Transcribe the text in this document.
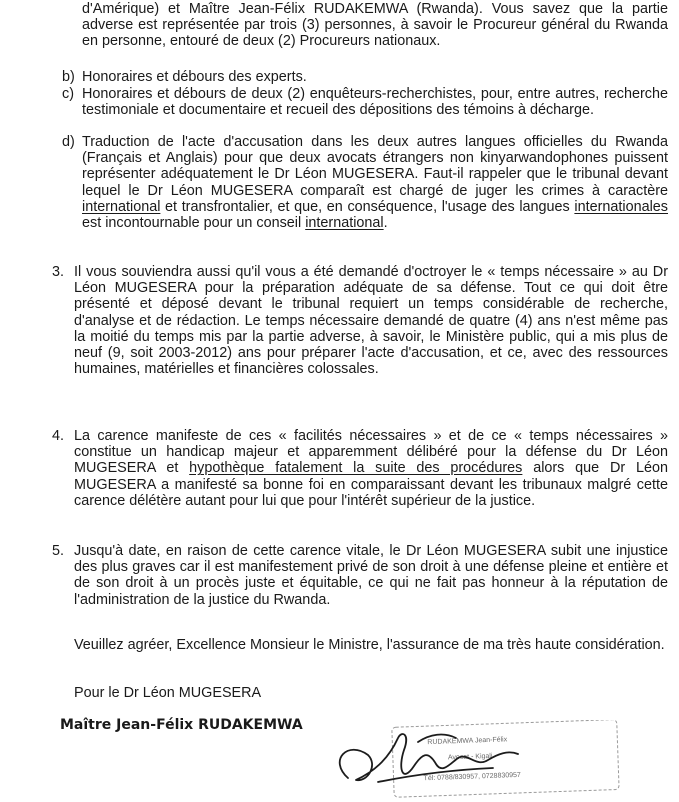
d'Amérique) et Maître Jean-Félix RUDAKEMWA (Rwanda). Vous savez que la partie adverse est représentée par trois (3) personnes, à savoir le Procureur général du Rwanda en personne, entouré de deux (2) Procureurs nationaux.
b) Honoraires et débours des experts.
c) Honoraires et débours de deux (2) enquêteurs-recherchistes, pour, entre autres, recherche testimoniale et documentaire et recueil des dépositions des témoins à décharge.
d) Traduction de l'acte d'accusation dans les deux autres langues officielles du Rwanda (Français et Anglais) pour que deux avocats étrangers non kinyarwandophones puissent représenter adéquatement le Dr Léon MUGESERA. Faut-il rappeler que le tribunal devant lequel le Dr Léon MUGESERA comparaît est chargé de juger les crimes à caractère international et transfrontalier, et que, en conséquence, l'usage des langues internationales est incontournable pour un conseil international.
3. Il vous souviendra aussi qu'il vous a été demandé d'octroyer le « temps nécessaire » au Dr Léon MUGESERA pour la préparation adéquate de sa défense. Tout ce qui doit être présenté et déposé devant le tribunal requiert un temps considérable de recherche, d'analyse et de rédaction. Le temps nécessaire demandé de quatre (4) ans n'est même pas la moitié du temps mis par la partie adverse, à savoir, le Ministère public, qui a mis plus de neuf (9, soit 2003-2012) ans pour préparer l'acte d'accusation, et ce, avec des ressources humaines, matérielles et financières colossales.
4. La carence manifeste de ces « facilités nécessaires » et de ce « temps nécessaires » constitue un handicap majeur et apparemment délibéré pour la défense du Dr Léon MUGESERA et hypothèque fatalement la suite des procédures alors que Dr Léon MUGESERA a manifesté sa bonne foi en comparaissant devant les tribunaux malgré cette carence délétère autant pour lui que pour l'intérêt supérieur de la justice.
5. Jusqu'à date, en raison de cette carence vitale, le Dr Léon MUGESERA subit une injustice des plus graves car il est manifestement privé de son droit à une défense pleine et entière et de son droit à un procès juste et équitable, ce qui ne fait pas honneur à la réputation de l'administration de la justice du Rwanda.
Veuillez agréer, Excellence Monsieur le Ministre, l'assurance de ma très haute considération.
Pour le Dr Léon MUGESERA
Maître Jean-Félix RUDAKEMWA
RUDAKEMWA Jean-Félix
Avocat - Kigali
Tél: 0788/830957, 0728830957
